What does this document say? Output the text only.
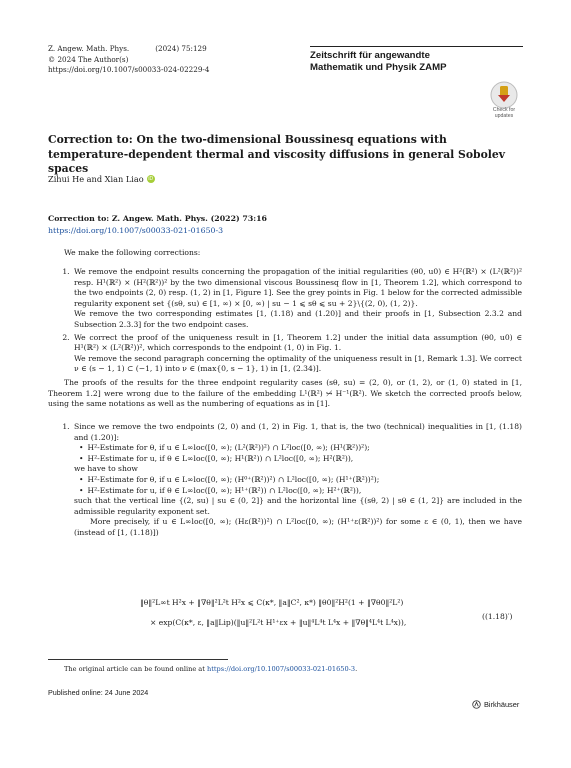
Z. Angew. Math. Phys.	(2024) 75:129
© 2024 The Author(s)
https://doi.org/10.1007/s00033-024-02229-4
Zeitschrift für angewandte
Mathematik und Physik ZAMP
Check for
updates
Correction to: On the two-dimensional Boussinesq equations with temperature-dependent thermal and viscosity diffusions in general Sobolev spaces
Zihui He and Xian Liao iD
Correction to: Z. Angew. Math. Phys. (2022) 73:16
https://doi.org/10.1007/s00033-021-01650-3
We make the following corrections:
1. We remove the endpoint results concerning the propagation of the initial regularities (θ0, u0) ∈ H²(ℝ²) × (L²(ℝ²))² resp. H¹(ℝ²) × (H²(ℝ²))² by the two dimensional viscous Boussinesq flow in [1, Theorem 1.2], which correspond to the two endpoints (2, 0) resp. (1, 2) in [1, Figure 1]. See the grey points in Fig. 1 below for the corrected admissible regularity exponent set {(sθ, su) ∈ [1, ∞) × [0, ∞) | su − 1 ⩽ sθ ⩽ su + 2}\{(2, 0), (1, 2)}.
We remove the two corresponding estimates [1, (1.18) and (1.20)] and their proofs in [1, Subsection 2.3.2 and Subsection 2.3.3] for the two endpoint cases.
2. We correct the proof of the uniqueness result in [1, Theorem 1.2] under the initial data assumption (θ0, u0) ∈ H¹(ℝ²) × (L²(ℝ²))², which corresponds to the endpoint (1, 0) in Fig. 1.
We remove the second paragraph concerning the optimality of the uniqueness result in [1, Remark 1.3]. We correct ν ∈ (s − 1, 1) ⊂ (−1, 1) into ν ∈ (max{0, s − 1}, 1) in [1, (2.34)].
The proofs of the results for the three endpoint regularity cases (sθ, su) = (2, 0), or (1, 2), or (1, 0) stated in [1, Theorem 1.2] were wrong due to the failure of the embedding L¹(ℝ²) ↪̸ H⁻¹(ℝ²). We sketch the corrected proofs below, using the same notations as well as the numbering of equations as in [1].
1. Since we remove the two endpoints (2, 0) and (1, 2) in Fig. 1, that is, the two (technical) inequalities in [1, (1.18) and (1.20)]:
• H²-Estimate for θ, if u ∈ L∞loc([0, ∞); (L²(ℝ²))²) ∩ L²loc([0, ∞); (H¹(ℝ²))²);
• H²-Estimate for u, if θ ∈ L∞loc([0, ∞); H¹(ℝ²)) ∩ L²loc([0, ∞); H²(ℝ²)),
we have to show
• H²-Estimate for θ, if u ∈ L∞loc([0, ∞); (H⁰⁺(ℝ²))²) ∩ L²loc([0, ∞); (H¹⁺(ℝ²))²);
• H²-Estimate for u, if θ ∈ L∞loc([0, ∞); H¹⁺(ℝ²)) ∩ L²loc([0, ∞); H²⁺(ℝ²)),
such that the vertical line {(2, su) | su ∈ (0, 2]} and the horizontal line {(sθ, 2) | sθ ∈ (1, 2]} are included in the admissible regularity exponent set.
More precisely, if u ∈ L∞loc([0, ∞); (Hε(ℝ²))²) ∩ L²loc([0, ∞); (H¹⁺ε(ℝ²))²) for some ε ∈ (0, 1), then we have (instead of [1, (1.18)])
‖θ‖²L∞t H²x + ‖∇θ‖²L²t H²x ⩽ C(κ*, ‖a‖C², κ*) ‖θ0‖²H²(1 + ‖∇θ0‖²L²)
× exp(C(κ*, ε, ‖a‖Lip)(‖u‖²L²t H¹⁺εx + ‖u‖⁴L⁴t L⁴x + ‖∇θ‖⁴L⁴t L⁴x)),
((1.18)′)
The original article can be found online at https://doi.org/10.1007/s00033-021-01650-3.
Published online: 24 June 2024
Birkhäuser
